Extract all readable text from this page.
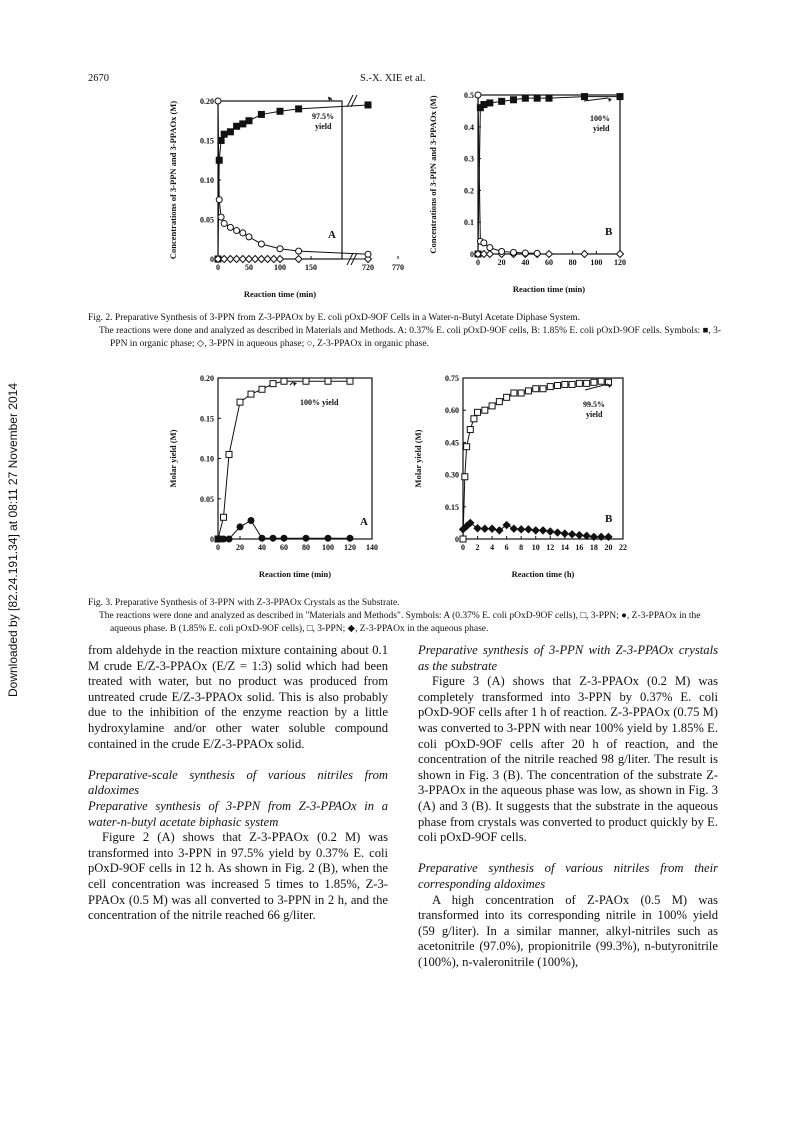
2670	S.-X. XIE et al.
Downloaded by [82.24.191.34] at 08:11 27 November 2014
0	50	100 150	720 770
0
0.05
0.10
0.15
0.20
Reaction time (min)
Concentrations of 3-PPN and 3-PPAOx (M)	97.5% yield
A
0 20 40 60 80 100 120
0
0.1
0.2
0.3
0.4
0.5
Reaction time (min)
Concentrations of 3-PPN and 3-PPAOx (M)	100% yield
B

Fig. 2. Preparative Synthesis of 3-PPN from Z-3-PPAOx by E. coli pOxD-9OF Cells in a Water-n-Butyl Acetate Diphase System.

The reactions were done and analyzed as described in Materials and Methods. A: 0.37% E. coli pOxD-9OF cells, B: 1.85% E. coli pOxD-9OF cells. Symbols: ■, 3-PPN in organic phase; ◇, 3-PPN in aqueous phase; ○, Z-3-PPAOx in organic phase.

0 20 40 60 80 100 120 140
0
0.05
0.10
0.15
0.20
Reaction time (min)
Molar yield (M)
100% yield
A
0 2 4 6 8 10 12 14 16 18 20 22
0
0.15
0.30
0.45
0.60
0.75
Reaction time (h)
Molar yield (M)
99.5% yield
B

Fig. 3. Preparative Synthesis of 3-PPN with Z-3-PPAOx Crystals as the Substrate.

The reactions were done and analyzed as described in "Materials and Methods". Symbols: A (0.37% E. coli pOxD-9OF cells), □, 3-PPN; ●, Z-3-PPAOx in the aqueous phase. B (1.85% E. coli pOxD-9OF cells), □, 3-PPN; ◆, Z-3-PPAOx in the aqueous phase.

from aldehyde in the reaction mixture containing about 0.1 M crude E/Z-3-PPAOx (E/Z = 1:3) solid which had been treated with water, but no product was produced from untreated crude E/Z-3-PPAOx solid. This is also probably due to the inhibition of the enzyme reaction by a little hydroxylamine and/or other water soluble compound contained in the crude E/Z-3-PPAOx solid.

Preparative-scale synthesis of various nitriles from aldoximes

Preparative synthesis of 3-PPN from Z-3-PPAOx in a water-n-butyl acetate biphasic system

Figure 2 (A) shows that Z-3-PPAOx (0.2 M) was transformed into 3-PPN in 97.5% yield by 0.37% E. coli pOxD-9OF cells in 12 h. As shown in Fig. 2 (B), when the cell concentration was increased 5 times to 1.85%, Z-3-PPAOx (0.5 M) was all converted to 3-PPN in 2 h, and the concentration of the nitrile reached 66 g/liter.

Preparative synthesis of 3-PPN with Z-3-PPAOx crystals as the substrate

Figure 3 (A) shows that Z-3-PPAOx (0.2 M) was completely transformed into 3-PPN by 0.37% E. coli pOxD-9OF cells after 1 h of reaction. Z-3-PPAOx (0.75 M) was converted to 3-PPN with near 100% yield by 1.85% E. coli pOxD-9OF cells after 20 h of reaction, and the concentration of the nitrile reached 98 g/liter. The result is shown in Fig. 3 (B). The concentration of the substrate Z-3-PPAOx in the aqueous phase was low, as shown in Fig. 3 (A) and 3 (B). It suggests that the substrate in the aqueous phase from crystals was converted to product quickly by E. coli pOxD-9OF cells.

Preparative synthesis of various nitriles from their corresponding aldoximes

A high concentration of Z-PAOx (0.5 M) was transformed into its corresponding nitrile in 100% yield (59 g/liter). In a similar manner, alkyl-nitriles such as acetonitrile (97.0%), propionitrile (99.3%), n-butyronitrile (100%), n-valeronitrile (100%),
